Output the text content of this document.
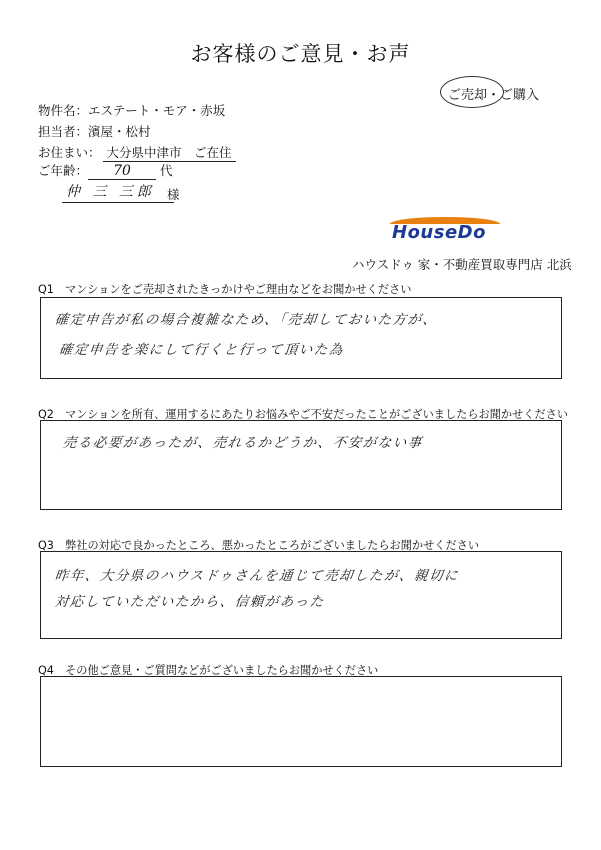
お客様のご意見・お声
ご売却・ご購入
物件名：エステート・モア・赤坂
担当者：濱屋・松村
お住まい： 大分県中津市　ご在住
ご年齢： 70 代
仲 三 三郎 様
HouseDo
ハウスドゥ 家・不動産買取専門店 北浜
Q1　マンションをご売却されたきっかけやご理由などをお聞かせください
確定申告が私の場合複雑なため、「売却しておいた方が、
確定申告を楽にして行くと行って頂いた為
Q2　マンションを所有、運用するにあたりお悩みやご不安だったことがございましたらお聞かせください
売る必要があったが、売れるかどうか、不安がない事
Q3　弊社の対応で良かったところ、悪かったところがございましたらお聞かせください
昨年、大分県のハウスドゥさんを通じて売却したが、親切に
対応していただいたから、信頼があった
Q4　その他ご意見・ご質問などがございましたらお聞かせください
